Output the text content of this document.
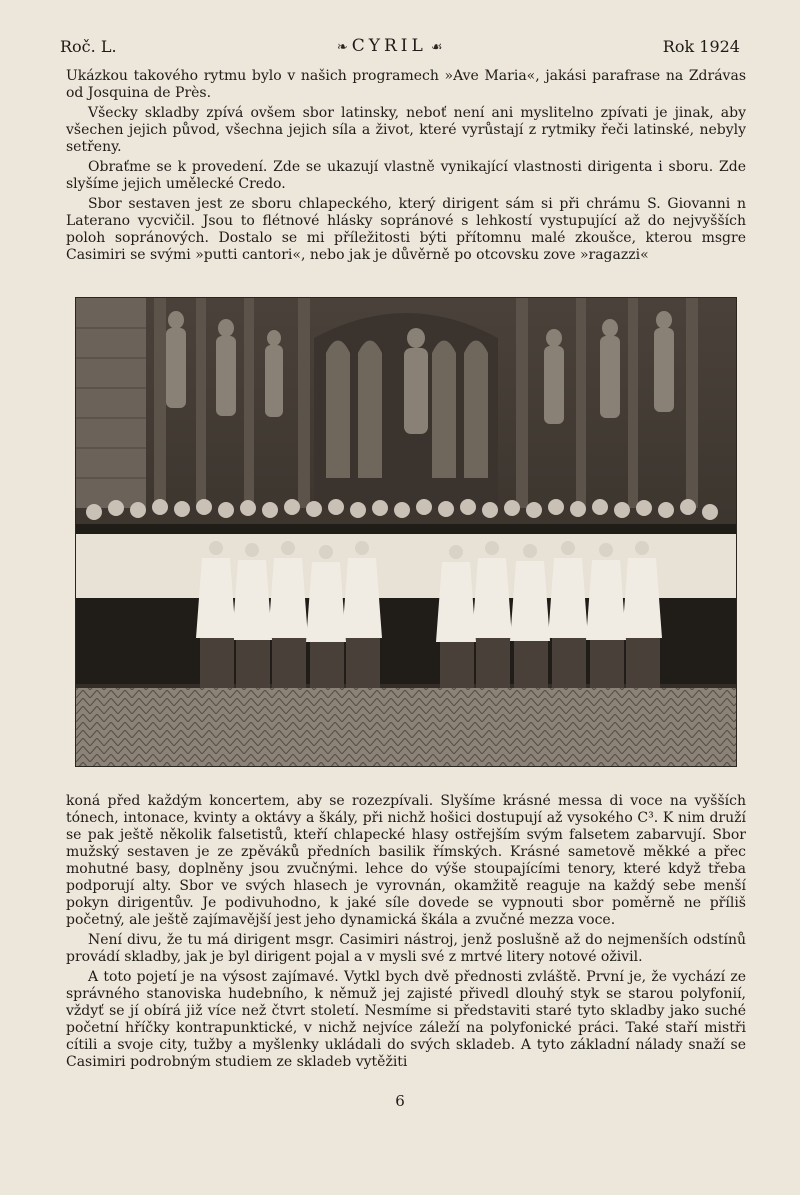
Roč. L.	❧ CYRIL ☙	Rok 1924

Ukázkou takového rytmu bylo v našich programech »Ave Maria«, jakási parafrase na Zdrávas od Josquina de Près.

Všecky skladby zpívá ovšem sbor latinsky, neboť není ani myslitelno zpívati je jinak, aby všechen jejich původ, všechna jejich síla a život, které vyrůstají z rytmiky řeči latinské, nebyly setřeny.

Obraťme se k provedení. Zde se ukazují vlastně vynikající vlastnosti dirigenta i sboru. Zde slyšíme jejich umělecké Credo.

Sbor sestaven jest ze sboru chlapeckého, který dirigent sám si při chrámu S. Giovanni n Laterano vycvičil. Jsou to flétnové hlásky sopránové s lehkostí vystupující až do nejvyšších poloh sopránových. Dostalo se mi příležitosti býti přítomnu malé zkoušce, kterou msgre Casimiri se svými »putti cantori«, nebo jak je důvěrně po otcovsku zove »ragazzi«

koná před každým koncertem, aby se rozezpívali. Slyšíme krásné messa di voce na vyšších tónech, intonace, kvinty a oktávy a škály, při nichž hošici dostupují až vysokého C³. K nim druží se pak ještě několik falsetistů, kteří chlapecké hlasy ostřejším svým falsetem zabarvují. Sbor mužský sestaven je ze zpěváků předních basilik římských. Krásné sametově měkké a přec mohutné basy, doplněny jsou zvučnými. lehce do výše stoupajícími tenory, které když třeba podporují alty. Sbor ve svých hlasech je vyrovnán, okamžitě reaguje na každý sebe menší pokyn dirigentův. Je podivuhodno, k jaké síle dovede se vypnouti sbor poměrně ne příliš početný, ale ještě zajímavější jest jeho dynamická škála a zvučné mezza voce.

Není divu, že tu má dirigent msgr. Casimiri nástroj, jenž poslušně až do nejmenších odstínů provádí skladby, jak je byl dirigent pojal a v mysli své z mrtvé litery notové oživil.

A toto pojetí je na výsost zajímavé. Vytkl bych dvě přednosti zvláště. První je, že vychází ze správného stanoviska hudebního, k němuž jej zajisté přivedl dlouhý styk se starou polyfonií, vždyť se jí obírá již více než čtvrt století. Nesmíme si představiti staré tyto skladby jako suché početní hříčky kontrapunktické, v nichž nejvíce záleží na polyfonické práci. Také staří mistři cítili a svoje city, tužby a myšlenky ukládali do svých skladeb. A tyto základní nálady snaží se Casimiri podrobným studiem ze skladeb vytěžiti

6
